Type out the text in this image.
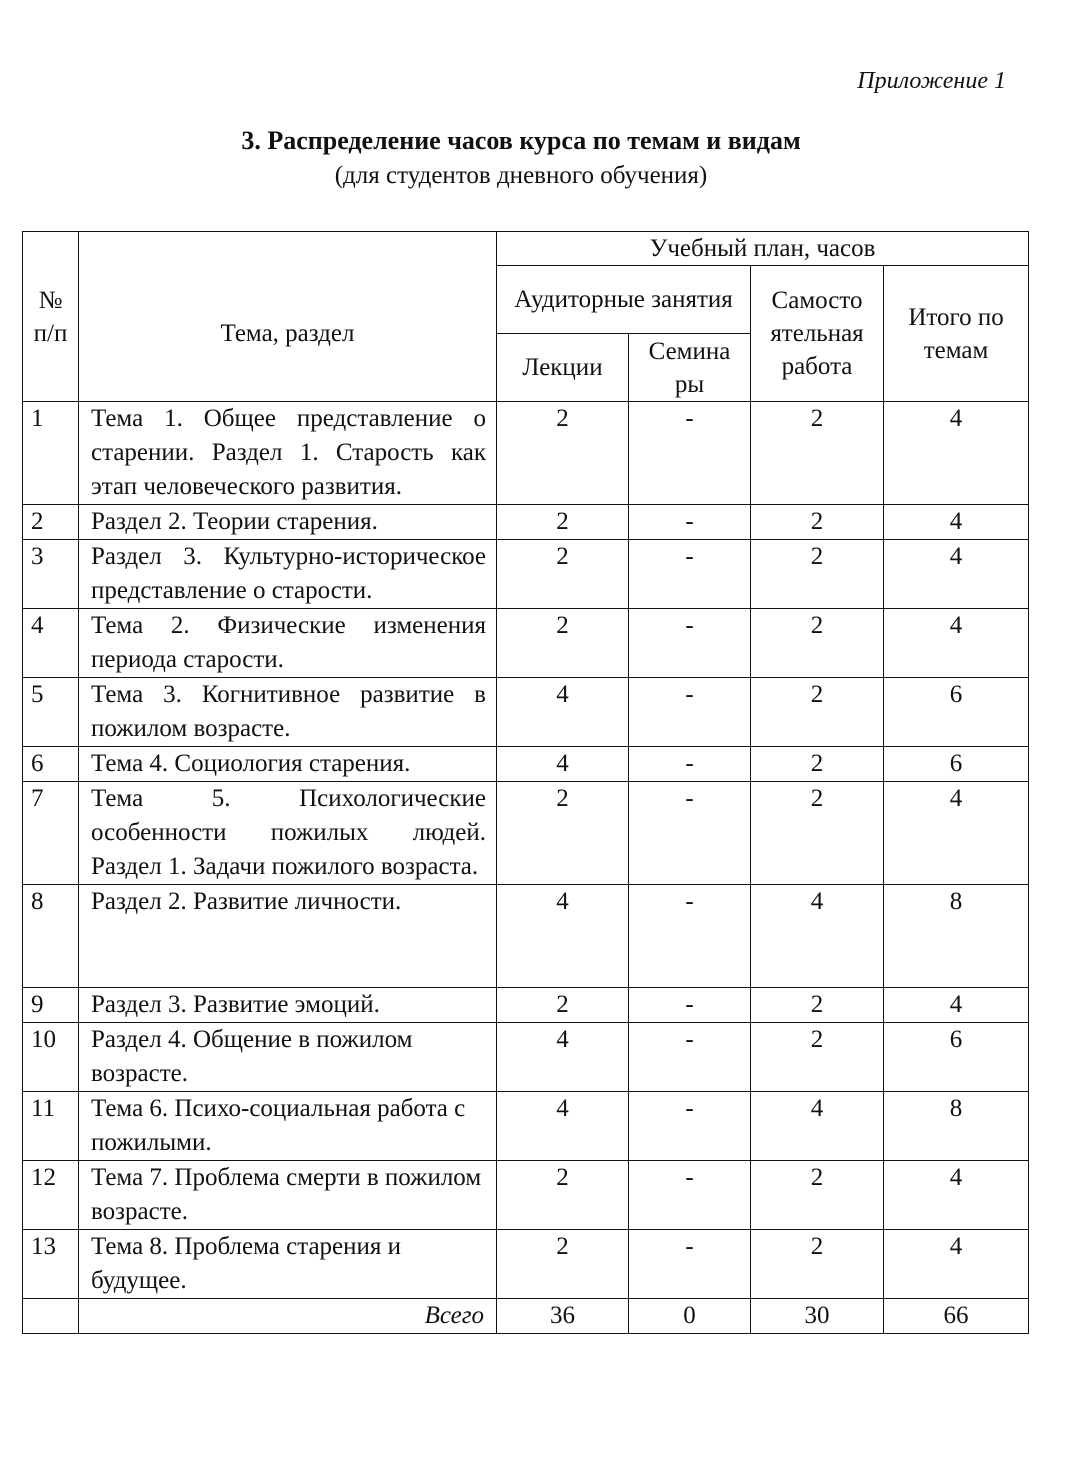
Приложение 1
3. Распределение часов курса по темам и видам
(для студентов дневного обучения)
№ п/п	Тема, раздел	Учебный план, часов			
		Аудиторные занятия		Самосто ятельная работа	Итого по темам
		Лекции	Семина ры		
1	Тема 1. Общее представление о старении. Раздел 1. Старость как этап человеческого развития.	2	-	2	4
2	Раздел 2. Теории старения.	2	-	2	4
3	Раздел 3. Культурно-историческое представление о старости.	2	-	2	4
4	Тема 2. Физические изменения периода старости.	2	-	2	4
5	Тема 3. Когнитивное развитие в пожилом возрасте.	4	-	2	6
6	Тема 4. Социология старения.	4	-	2	6
7	Тема 5. Психологические особенности пожилых людей. Раздел 1. Задачи пожилого возраста.	2	-	2	4
8	Раздел 2. Развитие личности.	4	-	4	8
9	Раздел 3. Развитие эмоций.	2	-	2	4
10	Раздел 4. Общение в пожилом возрасте.	4	-	2	6
11	Тема 6. Психо-социальная работа с пожилыми.	4	-	4	8
12	Тема 7. Проблема смерти в пожилом возрасте.	2	-	2	4
13	Тема 8. Проблема старения и будущее.	2	-	2	4
	Всего	36	0	30	66
